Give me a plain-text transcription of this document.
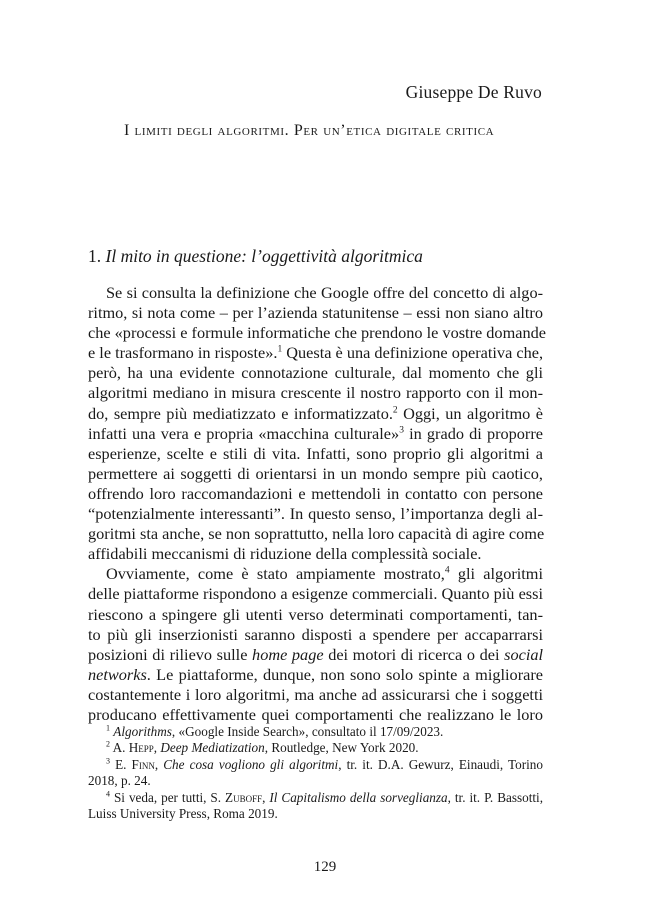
Giuseppe De Ruvo
I limiti degli algoritmi. Per un’etica digitale critica
1. Il mito in questione: l’oggettività algoritmica
Se si consulta la definizione che Google offre del concetto di algo-
ritmo, si nota come – per l’azienda statunitense – essi non siano altro
che «processi e formule informatiche che prendono le vostre domande
e le trasformano in risposte».$^1$ Questa è una definizione operativa che,
però, ha una evidente connotazione culturale, dal momento che gli
algoritmi mediano in misura crescente il nostro rapporto con il mon-
do, sempre più mediatizzato e informatizzato.$^2$ Oggi, un algoritmo è
infatti una vera e propria «macchina culturale»$^3$ in grado di proporre
esperienze, scelte e stili di vita. Infatti, sono proprio gli algoritmi a
permettere ai soggetti di orientarsi in un mondo sempre più caotico,
offrendo loro raccomandazioni e mettendoli in contatto con persone
“potenzialmente interessanti”. In questo senso, l’importanza degli al-
goritmi sta anche, se non soprattutto, nella loro capacità di agire come
affidabili meccanismi di riduzione della complessità sociale.
Ovviamente, come è stato ampiamente mostrato,$^4$ gli algoritmi
delle piattaforme rispondono a esigenze commerciali. Quanto più essi
riescono a spingere gli utenti verso determinati comportamenti, tan-
to più gli inserzionisti saranno disposti a spendere per accaparrarsi
posizioni di rilievo sulle home page dei motori di ricerca o dei social
networks. Le piattaforme, dunque, non sono solo spinte a migliorare
costantemente i loro algoritmi, ma anche ad assicurarsi che i soggetti
producano effettivamente quei comportamenti che realizzano le loro
$^1$ Algorithms, «Google Inside Search», consultato il 17/09/2023.
$^2$ A. Hepp, Deep Mediatization, Routledge, New York 2020.
$^3$ E. Finn, Che cosa vogliono gli algoritmi, tr. it. D.A. Gewurz, Einaudi, Torino
2018, p. 24.
$^4$ Si veda, per tutti, S. Zuboff, Il Capitalismo della sorveglianza, tr. it. P. Bassotti,
Luiss University Press, Roma 2019.
129
